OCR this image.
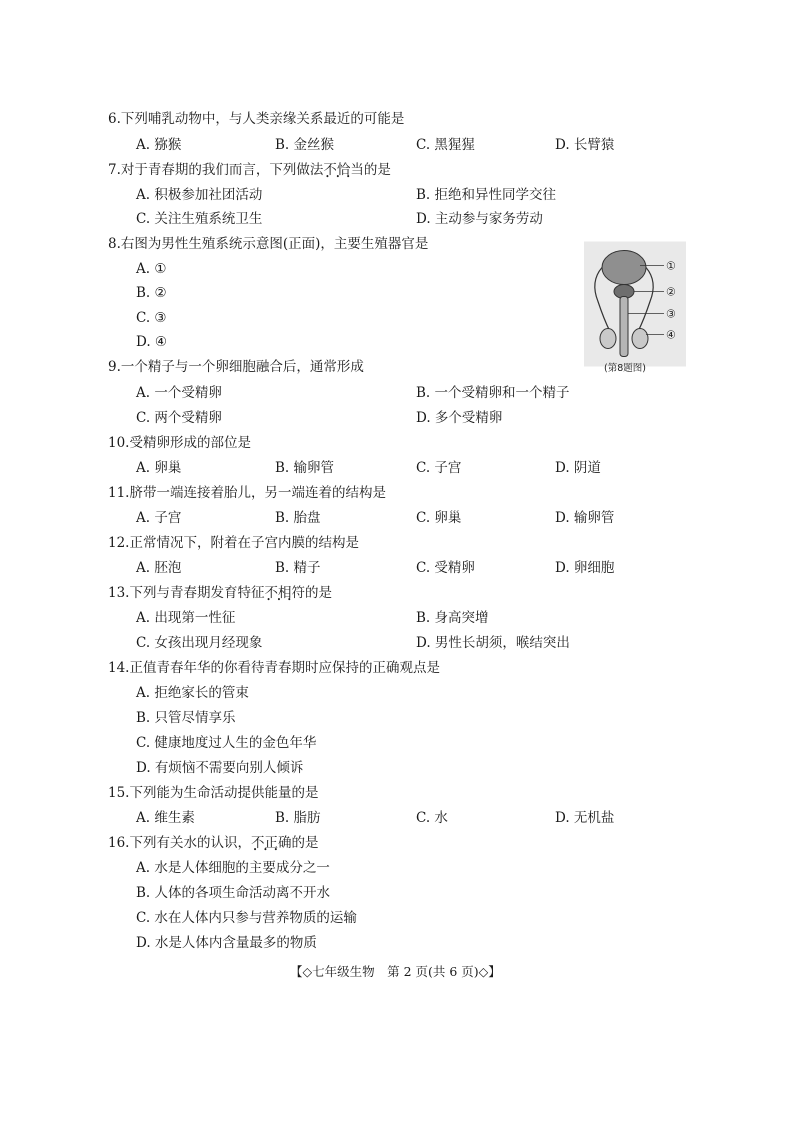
6.下列哺乳动物中，与人类亲缘关系最近的可能是
A. 猕猴	B. 金丝猴	C. 黑猩猩	D. 长臂猿
7.对于青春期的我们而言，下列做法不恰当 • • •的是
A. 积极参加社团活动	B. 拒绝和异性同学交往
C. 关注生殖系统卫生	D. 主动参与家务劳动
8.右图为男性生殖系统示意图(正面)，主要生殖器官是
A. ①
B. ②
C. ③
D. ④
①
②
③
④
(第8题图)
9.一个精子与一个卵细胞融合后，通常形成
A. 一个受精卵	B. 一个受精卵和一个精子
C. 两个受精卵	D. 多个受精卵
10.受精卵形成的部位是
A. 卵巢	B. 输卵管	C. 子宫	D. 阴道
11.脐带一端连接着胎儿，另一端连着的结构是
A. 子宫	B. 胎盘	C. 卵巢	D. 输卵管
12.正常情况下，附着在子宫内膜的结构是
A. 胚泡	B. 精子	C. 受精卵	D. 卵细胞
13.下列与青春期发育特征不相符 • • •的是
A. 出现第一性征	B. 身高突增
C. 女孩出现月经现象	D. 男性长胡须，喉结突出
14.正值青春年华的你看待青春期时应保持的正确观点是
A. 拒绝家长的管束
B. 只管尽情享乐
C. 健康地度过人生的金色年华
D. 有烦恼不需要向别人倾诉
15.下列能为生命活动提供能量的是
A. 维生素	B. 脂肪	C. 水	D. 无机盐
16.下列有关水的认识，不正确 • • •的是
A. 水是人体细胞的主要成分之一
B. 人体的各项生命活动离不开水
C. 水在人体内只参与营养物质的运输
D. 水是人体内含量最多的物质
【◇七年级生物　第 2 页(共 6 页)◇】
